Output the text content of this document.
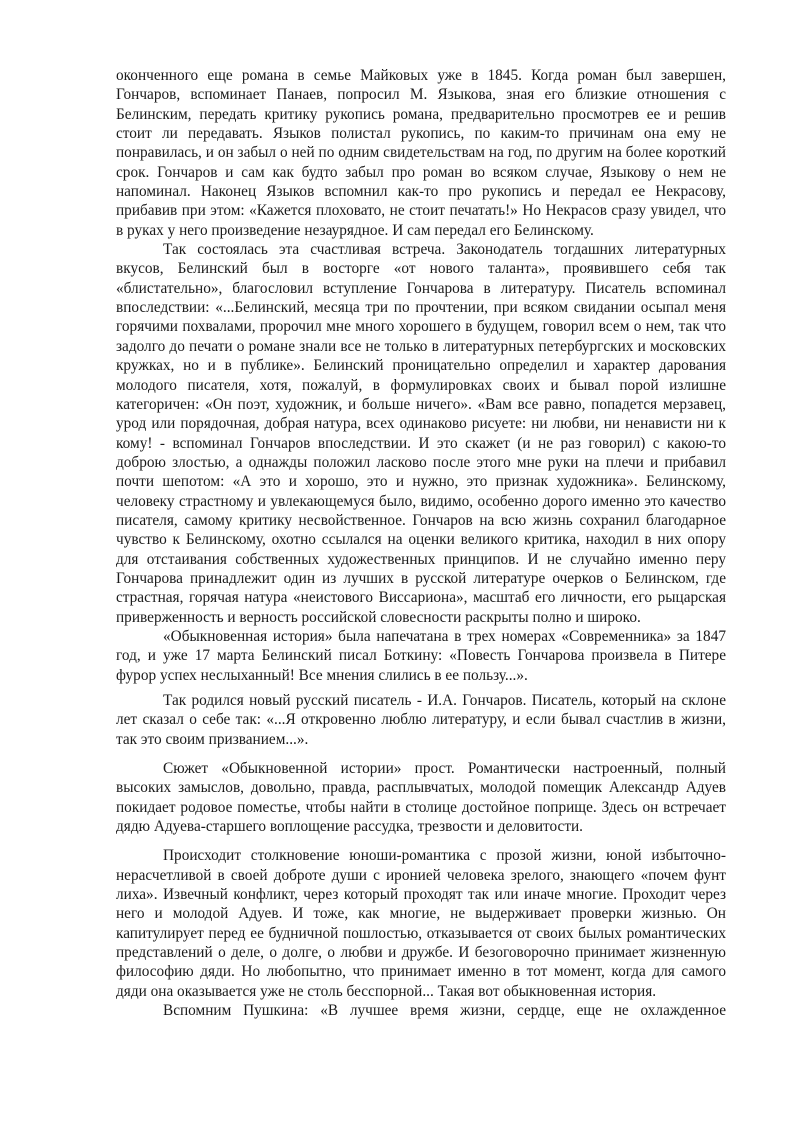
оконченного еще романа в семье Майковых уже в 1845. Когда роман был завершен, Гончаров, вспоминает Панаев, попросил М. Языкова, зная его близкие отношения с Белинским, передать критику рукопись романа, предварительно просмотрев ее и решив стоит ли передавать. Языков полистал рукопись, по каким-то причинам она ему не понравилась, и он забыл о ней по одним свидетельствам на год, по другим на более короткий срок. Гончаров и сам как будто забыл про роман во всяком случае, Языкову о нем не напоминал. Наконец Языков вспомнил как-то про рукопись и передал ее Некрасову, прибавив при этом: «Кажется плоховато, не стоит печатать!» Но Некрасов сразу увидел, что в руках у него произведение незаурядное. И сам передал его Белинскому.

Так состоялась эта счастливая встреча. Законодатель тогдашних литературных вкусов, Белинский был в восторге «от нового таланта», проявившего себя так «блистательно», благословил вступление Гончарова в литературу. Писатель вспоминал впоследствии: «...Белинский, месяца три по прочтении, при всяком свидании осыпал меня горячими похвалами, пророчил мне много хорошего в будущем, говорил всем о нем, так что задолго до печати о романе знали все не только в литературных петербургских и московских кружках, но и в публике». Белинский проницательно определил и характер дарования молодого писателя, хотя, пожалуй, в формулировках своих и бывал порой излишне категоричен: «Он поэт, художник, и больше ничего». «Вам все равно, попадется мерзавец, урод или порядочная, добрая натура, всех одинаково рисуете: ни любви, ни ненависти ни к кому! - вспоминал Гончаров впоследствии. И это скажет (и не раз говорил) с какою-то доброю злостью, а однажды положил ласково после этого мне руки на плечи и прибавил почти шепотом: «А это и хорошо, это и нужно, это признак художника». Белинскому, человеку страстному и увлекающемуся было, видимо, особенно дорого именно это качество писателя, самому критику несвойственное. Гончаров на всю жизнь сохранил благодарное чувство к Белинскому, охотно ссылался на оценки великого критика, находил в них опору для отстаивания собственных художественных принципов. И не случайно именно перу Гончарова принадлежит один из лучших в русской литературе очерков о Белинском, где страстная, горячая натура «неистового Виссариона», масштаб его личности, его рыцарская приверженность и верность российской словесности раскрыты полно и широко.

«Обыкновенная история» была напечатана в трех номерах «Современника» за 1847 год, и уже 17 марта Белинский писал Боткину: «Повесть Гончарова произвела в Питере фурор успех неслыханный! Все мнения слились в ее пользу...».

Так родился новый русский писатель - И.А. Гончаров. Писатель, который на склоне лет сказал о себе так: «...Я откровенно люблю литературу, и если бывал счастлив в жизни, так это своим призванием...».

Сюжет «Обыкновенной истории» прост. Романтически настроенный, полный высоких замыслов, довольно, правда, расплывчатых, молодой помещик Александр Адуев покидает родовое поместье, чтобы найти в столице достойное поприще. Здесь он встречает дядю Адуева-старшего воплощение рассудка, трезвости и деловитости.

Происходит столкновение юноши-романтика с прозой жизни, юной избыточно-нерасчетливой в своей доброте души с иронией человека зрелого, знающего «почем фунт лиха». Извечный конфликт, через который проходят так или иначе многие. Проходит через него и молодой Адуев. И тоже, как многие, не выдерживает проверки жизнью. Он капитулирует перед ее будничной пошлостью, отказывается от своих былых романтических представлений о деле, о долге, о любви и дружбе. И безоговорочно принимает жизненную философию дяди. Но любопытно, что принимает именно в тот момент, когда для самого дяди она оказывается уже не столь бесспорной... Такая вот обыкновенная история.

Вспомним Пушкина: «В лучшее время жизни, сердце, еще не охлажденное
